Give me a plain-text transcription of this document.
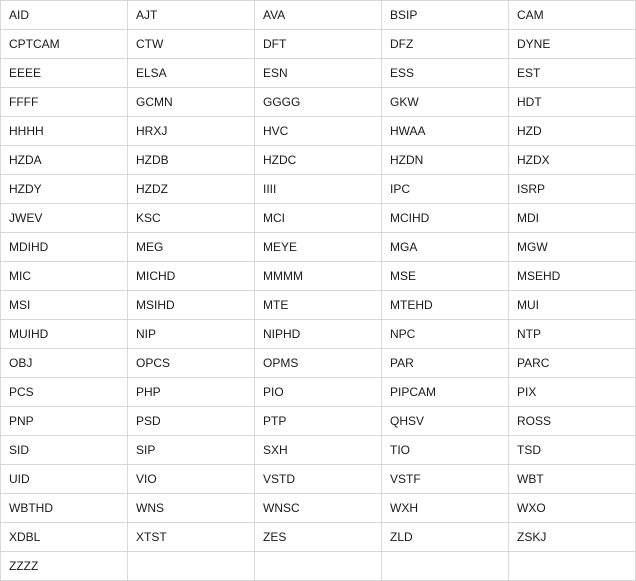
AID	AJT	AVA	BSIP	CAM
CPTCAM	CTW	DFT	DFZ	DYNE
EEEE	ELSA	ESN	ESS	EST
FFFF	GCMN	GGGG	GKW	HDT
HHHH	HRXJ	HVC	HWAA	HZD
HZDA	HZDB	HZDC	HZDN	HZDX
HZDY	HZDZ	IIII	IPC	ISRP
JWEV	KSC	MCI	MCIHD	MDI
MDIHD	MEG	MEYE	MGA	MGW
MIC	MICHD	MMMM	MSE	MSEHD
MSI	MSIHD	MTE	MTEHD	MUI
MUIHD	NIP	NIPHD	NPC	NTP
OBJ	OPCS	OPMS	PAR	PARC
PCS	PHP	PIO	PIPCAM	PIX
PNP	PSD	PTP	QHSV	ROSS
SID	SIP	SXH	TIO	TSD
UID	VIO	VSTD	VSTF	WBT
WBTHD	WNS	WNSC	WXH	WXO
XDBL	XTST	ZES	ZLD	ZSKJ
ZZZZ				
